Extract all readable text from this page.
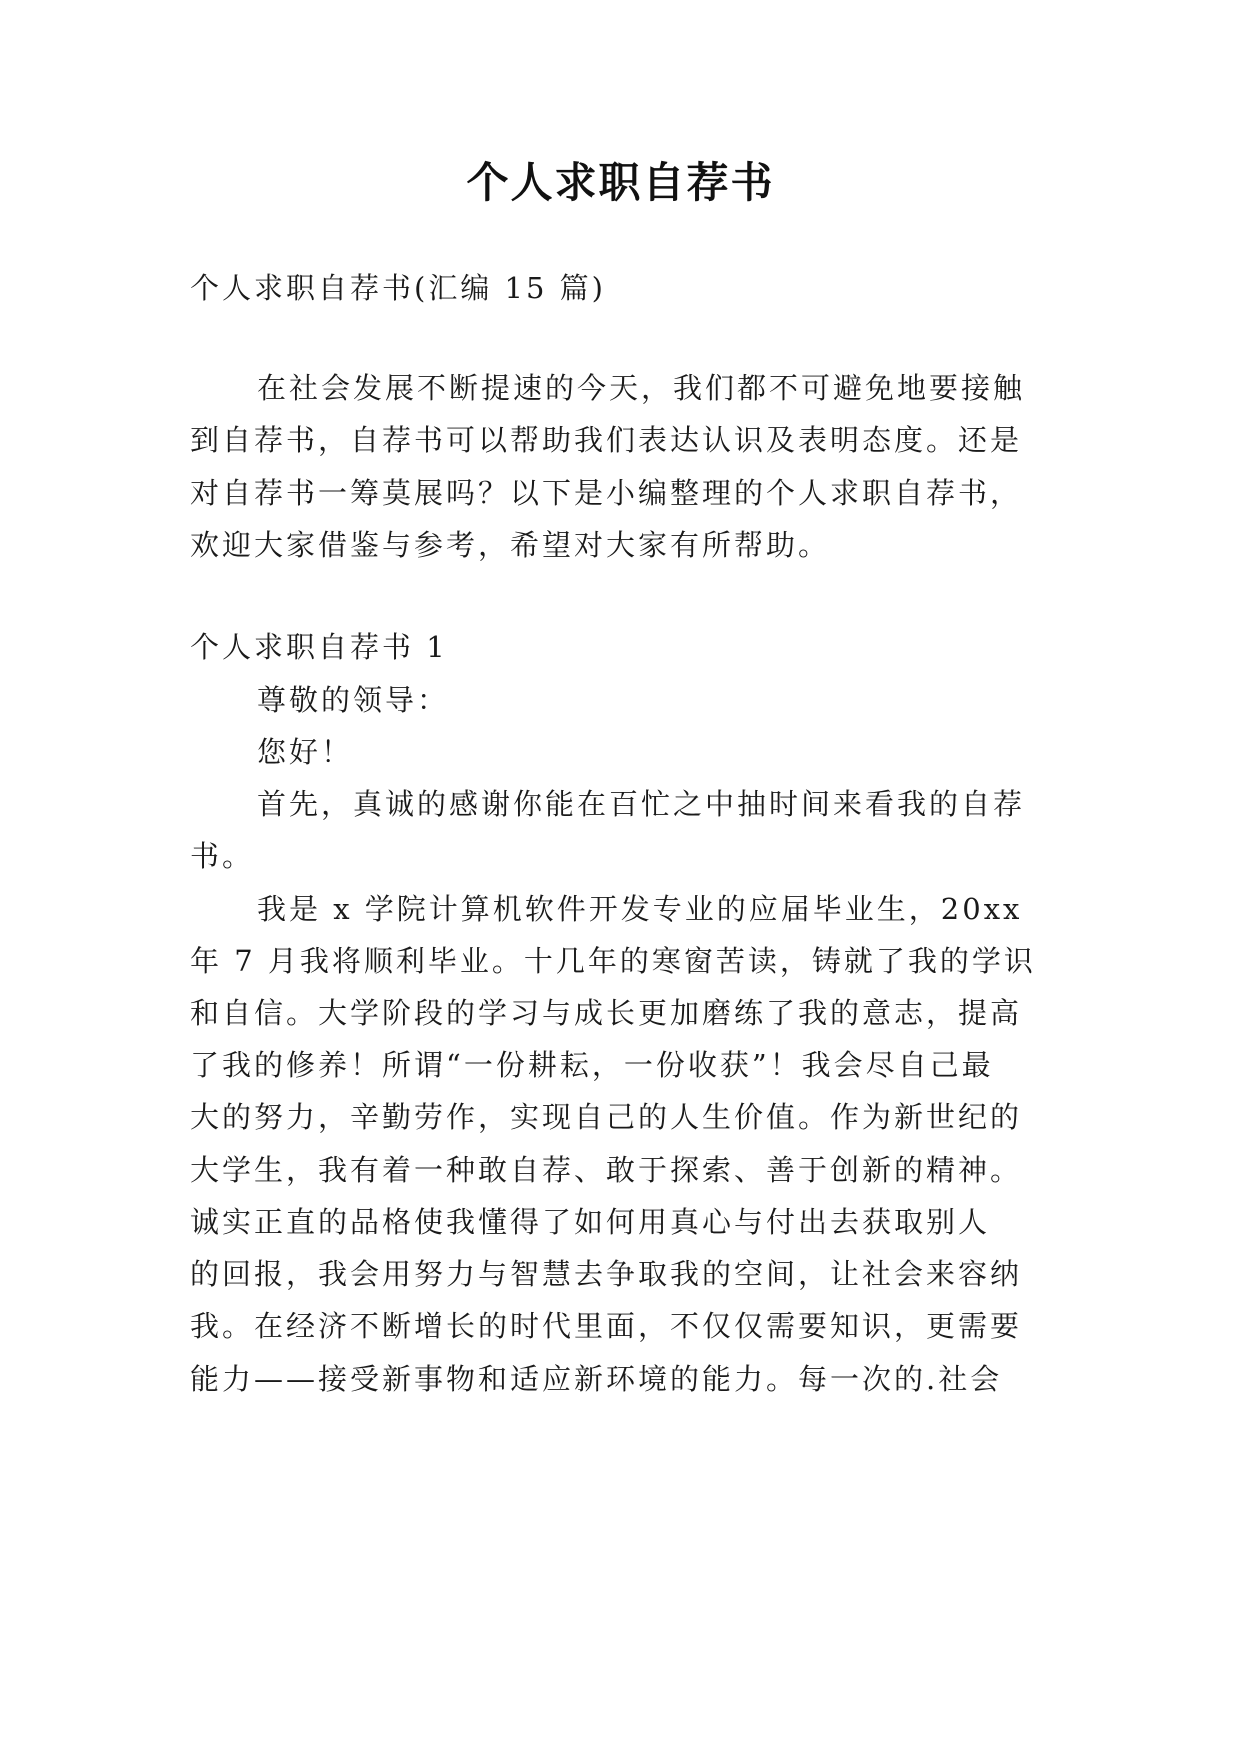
个人求职自荐书
个人求职自荐书(汇编 15 篇)
在社会发展不断提速的今天，我们都不可避免地要接触
到自荐书，自荐书可以帮助我们表达认识及表明态度。还是
对自荐书一筹莫展吗？以下是小编整理的个人求职自荐书，
欢迎大家借鉴与参考，希望对大家有所帮助。
个人求职自荐书 1
尊敬的领导：
您好！
首先，真诚的感谢你能在百忙之中抽时间来看我的自荐
书。
我是 x 学院计算机软件开发专业的应届毕业生，20xx
年 7 月我将顺利毕业。十几年的寒窗苦读，铸就了我的学识
和自信。大学阶段的学习与成长更加磨练了我的意志，提高
了我的修养！所谓“一份耕耘，一份收获”！我会尽自己最
大的努力，辛勤劳作，实现自己的人生价值。作为新世纪的
大学生，我有着一种敢自荐、敢于探索、善于创新的精神。
诚实正直的品格使我懂得了如何用真心与付出去获取别人
的回报，我会用努力与智慧去争取我的空间，让社会来容纳
我。在经济不断增长的时代里面，不仅仅需要知识，更需要
能力——接受新事物和适应新环境的能力。每一次的.社会
